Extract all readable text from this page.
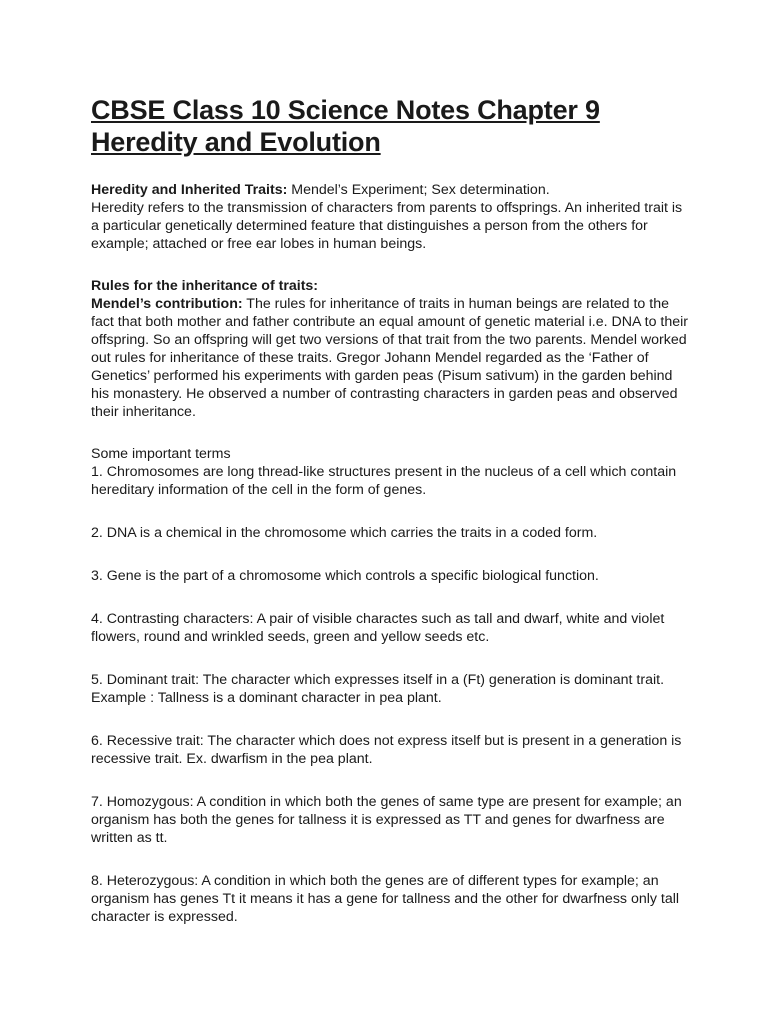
CBSE Class 10 Science Notes Chapter 9
Heredity and Evolution

Heredity and Inherited Traits: Mendel’s Experiment; Sex determination.
Heredity refers to the transmission of characters from parents to offsprings. An inherited trait is a particular genetically determined feature that distinguishes a person from the others for example; attached or free ear lobes in human beings.

Rules for the inheritance of traits:
Mendel’s contribution: The rules for inheritance of traits in human beings are related to the fact that both mother and father contribute an equal amount of genetic material i.e. DNA to their offspring. So an offspring will get two versions of that trait from the two parents. Mendel worked out rules for inheritance of these traits. Gregor Johann Mendel regarded as the ‘Father of Genetics’ performed his experiments with garden peas (Pisum sativum) in the garden behind his monastery. He observed a number of contrasting characters in garden peas and observed their inheritance.

Some important terms

1. Chromosomes are long thread-like structures present in the nucleus of a cell which contain hereditary information of the cell in the form of genes.

2. DNA is a chemical in the chromosome which carries the traits in a coded form.

3. Gene is the part of a chromosome which controls a specific biological function.

4. Contrasting characters: A pair of visible charactes such as tall and dwarf, white and violet flowers, round and wrinkled seeds, green and yellow seeds etc.

5. Dominant trait: The character which expresses itself in a (Ft) generation is dominant trait. Example : Tallness is a dominant character in pea plant.

6. Recessive trait: The character which does not express itself but is present in a generation is recessive trait. Ex. dwarfism in the pea plant.

7. Homozygous: A condition in which both the genes of same type are present for example; an organism has both the genes for tallness it is expressed as TT and genes for dwarfness are written as tt.

8. Heterozygous: A condition in which both the genes are of different types for example; an organism has genes Tt it means it has a gene for tallness and the other for dwarfness only tall character is expressed.
